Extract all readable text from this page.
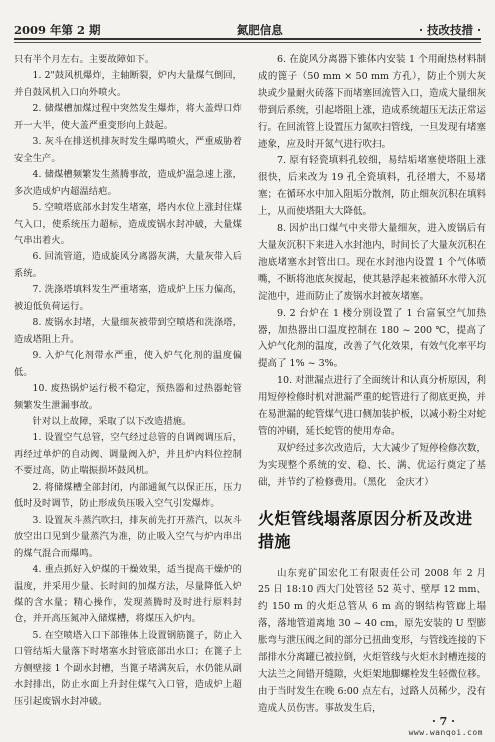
2009 年第 2 期	氮肥信息	· 技改技措 ·

只有半个月左右。主要故障如下。

1. 2"鼓风机爆炸，主轴断裂，炉内大量煤气倒回，并自鼓风机入口向外喷火。

2. 储煤槽加煤过程中突然发生爆炸，将大盖焊口炸开一大半，使大盖严重变形向上鼓起。

3. 灰斗在排送机排灰时发生爆鸣喷火，严重威胁着安全生产。

4. 储煤槽频繁发生蒸腾事故，造成炉温急速上涨，多次造成炉内超温结疤。

5. 空喷塔底部水封发生堵塞，塔内水位上涨封住煤气入口，使系统压力超标，造成废锅水封冲破，大量煤气串出着火。

6. 回流管道，造成旋风分离器灰满，大量灰带入后系统。

7. 洗涤塔填料发生严重堵塞，造成炉上压力偏高，被迫低负荷运行。

8. 废锅水封堵，大量细灰被带到空喷塔和洗涤塔，造成塔阻上升。

9. 入炉气化剂带水严重，使入炉气化剂的温度偏低。

10. 废热锅炉运行极不稳定，预热器和过热器蛇管频繁发生泄漏事故。

针对以上故障，采取了以下改造措施。

1. 设置空气总管，空气经过总管的自调阀调压后，再经过单炉的自动阀、调量阀入炉，并且炉内料位控制不要过高，防止喘振损坏鼓风机。

2. 将储煤槽全部封闭，内部通氮气以保正压，压力低时及时调节，防止形成负压吸入空气引发爆炸。

3. 设置灰斗蒸汽吹扫，排灰前先打开蒸汽，以灰斗放空出口见到少量蒸汽为准，防止吸入空气与炉内串出的煤气混合而爆鸣。

4. 重点抓好入炉煤的干燥效果，适当提高干燥炉的温度，并采用少量、长时间的加煤方法，尽量降低入炉煤的含水量；精心操作，发现蒸腾时及时进行原料封仓，并开高压氮冲入储煤槽，将煤压入炉内。

5. 在空喷塔入口下部锥体上设置钢筋篦子，防止入口管结垢大量落下时堵塞水封管底部出水口；在篦子上方侧壁接 1 个副水封槽，当篦子堵满灰后，水仍能从副水封排出，防止水面上升封住煤气入口管，造成炉上超压引起废锅水封冲破。

6. 在旋风分离器下锥体内安装 1 个用耐热材料制成的篦子（50 mm × 50 mm 方孔），防止个别大灰块或少量耐火砖落下而堵塞回流管入口，造成大量细灰带到后系统，引起塔阻上涨，造成系统超压无法正常运行。在回流管上设置压力氮吹扫管线，一旦发现有堵塞迹象，应及时开氮气进行吹扫。

7. 原有轻瓷填料孔较细，易结垢堵塞使塔阻上涨很快，后来改为 19 孔全瓷填料，孔径增大，不易堵塞；在循环水中加入阻垢分散剂，防止细灰沉积在填料上，从而使塔阻大大降低。

8. 因炉出口煤气中夹带大量细灰，进入废锅后有大量灰沉积下来进入水封池内，时间长了大量灰沉积在池底堵塞水封管出口。现在水封池内设置 1 个气体喷嘴，不断将池底灰搅起，使其悬浮起来被循环水带入沉淀池中，进而防止了废锅水封被灰堵塞。

9. 2 台炉在 1 楼分别设置了 1 台富氧空气加热器，加热器出口温度控制在 180 ~ 200 ℃，提高了入炉气化剂的温度，改善了气化效果，有效气化率平均提高了 1% ~ 3%。

10. 对泄漏点进行了全面统计和认真分析原因，利用短停检修时机对泄漏严重的蛇管进行了彻底更换，并在易泄漏的蛇管煤气进口侧加装护板，以减小粉尘对蛇管的冲刷，延长蛇管的使用寿命。

双炉经过多次改造后，大大减少了短停检修次数，为实现整个系统的安、稳、长、满、优运行奠定了基础，并节约了检修费用。（黑化　金庆才）

火炬管线塌落原因分析及改进措施

山东兖矿国宏化工有限责任公司 2008 年 2 月 25 日 18:10 西大门处管径 52 英寸、壁厚 12 mm、约 150 m 的火炬总管从 6 m 高的钢结构管廊上塌落，落地管道离地 30 ~ 40 cm，原先安装的 U 型膨胀弯与泄压阀之间的部分已扭曲变形，与管线连接的下部排水分离罐已被拉倒，火炬管线与火炬水封槽连接的大法兰之间错开缝隙，火炬架地脚螺栓发生轻微位移。由于当时发生在晚 6:00 点左右，过路人员稀少，没有造成人员伤害。事故发生后，

· 7 ·
www.wanqoi.com
